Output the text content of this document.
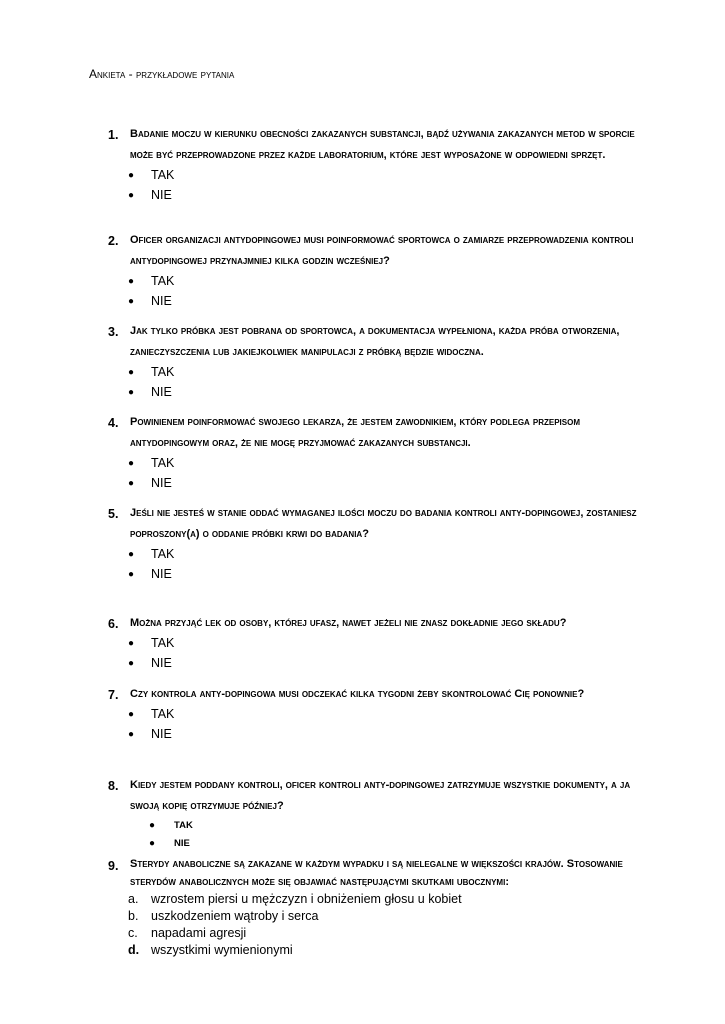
Ankieta - przykładowe pytania
1. Badanie moczu w kierunku obecności zakazanych substancji, bądź używania zakazanych metod w sporcie może być przeprowadzone przez każde laboratorium, które jest wyposażone w odpowiedni sprzęt.
● TAK
● NIE
2. Oficer organizacji antydopingowej musi poinformować sportowca o zamiarze przeprowadzenia kontroli antydopingowej przynajmniej kilka godzin wcześniej?
● TAK
● NIE
3. Jak tylko próbka jest pobrana od sportowca, a dokumentacja wypełniona, każda próba otworzenia, zanieczyszczenia lub jakiejkolwiek manipulacji z próbką będzie widoczna.
● TAK
● NIE
4. Powinienem poinformować swojego lekarza, że jestem zawodnikiem, który podlega przepisom antydopingowym oraz, że nie mogę przyjmować zakazanych substancji.
● TAK
● NIE
5. Jeśli nie jesteś w stanie oddać wymaganej ilości moczu do badania kontroli anty-dopingowej, zostaniesz poproszony(a) o oddanie próbki krwi do badania?
● TAK
● NIE
6. Można przyjąć lek od osoby, której ufasz, nawet jeżeli nie znasz dokładnie jego składu?
● TAK
● NIE
7. Czy kontrola anty-dopingowa musi odczekać kilka tygodni żeby skontrolować Cię ponownie?
● TAK
● NIE
8. Kiedy jestem poddany kontroli, oficer kontroli anty-dopingowej zatrzymuje wszystkie dokumenty, a ja swoją kopię otrzymuje później?
● TAK
● NIE
9. Sterydy anaboliczne są zakazane w każdym wypadku i są nielegalne w większości krajów. Stosowanie sterydów anabolicznych może się objawiać następującymi skutkami ubocznymi:
a. wzrostem piersi u mężczyzn i obniżeniem głosu u kobiet
b. uszkodzeniem wątroby i serca
c. napadami agresji
d. wszystkimi wymienionymi
